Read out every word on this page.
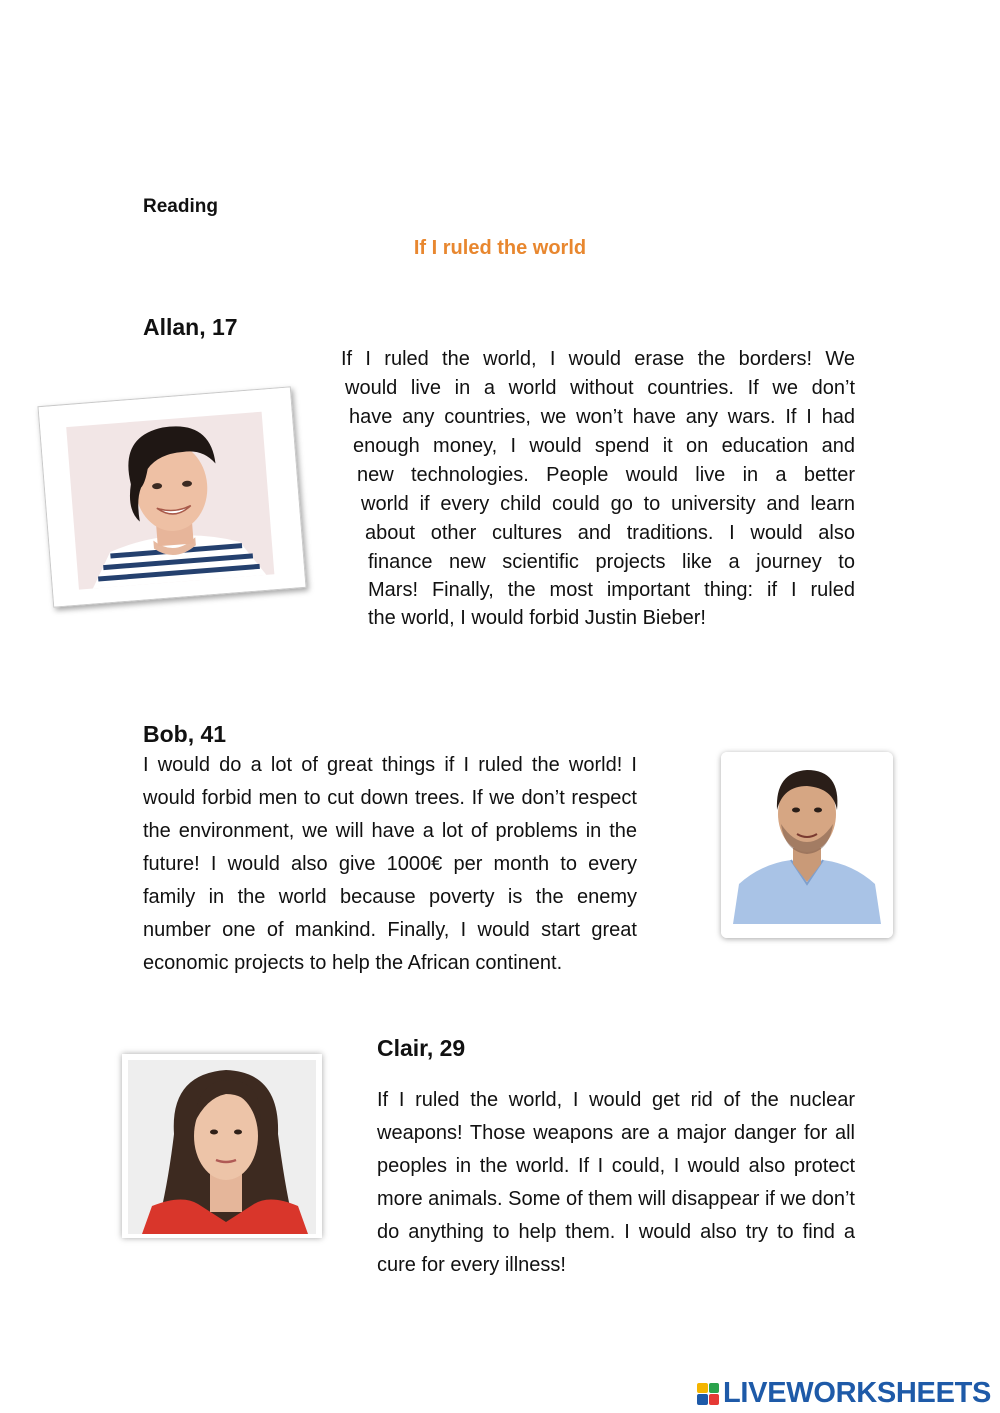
Reading
If I ruled the world
Allan, 17
If I ruled the world, I would erase the borders! We
would live in a world without countries. If we don’t
have any countries, we won’t have any wars. If I had
enough money, I would spend it on education and
new technologies. People would live in a better
world if every child could go to university and learn
about other cultures and traditions. I would also
finance new scientific projects like a journey to
Mars! Finally, the most important thing: if I ruled
the world, I would forbid Justin Bieber!
Bob, 41
I would do a lot of great things if I ruled the world! I would forbid men to cut down trees. If we don’t respect the environment, we will have a lot of problems in the future! I would also give 1000€ per month to every family in the world because poverty is the enemy number one of mankind. Finally, I would start great economic projects to help the African continent.
Clair, 29
If I ruled the world, I would get rid of the nuclear weapons! Those weapons are a major danger for all peoples in the world. If I could, I would also protect more animals. Some of them will disappear if we don’t do anything to help them. I would also try to find a cure for every illness!
LIVEWORKSHEETS
